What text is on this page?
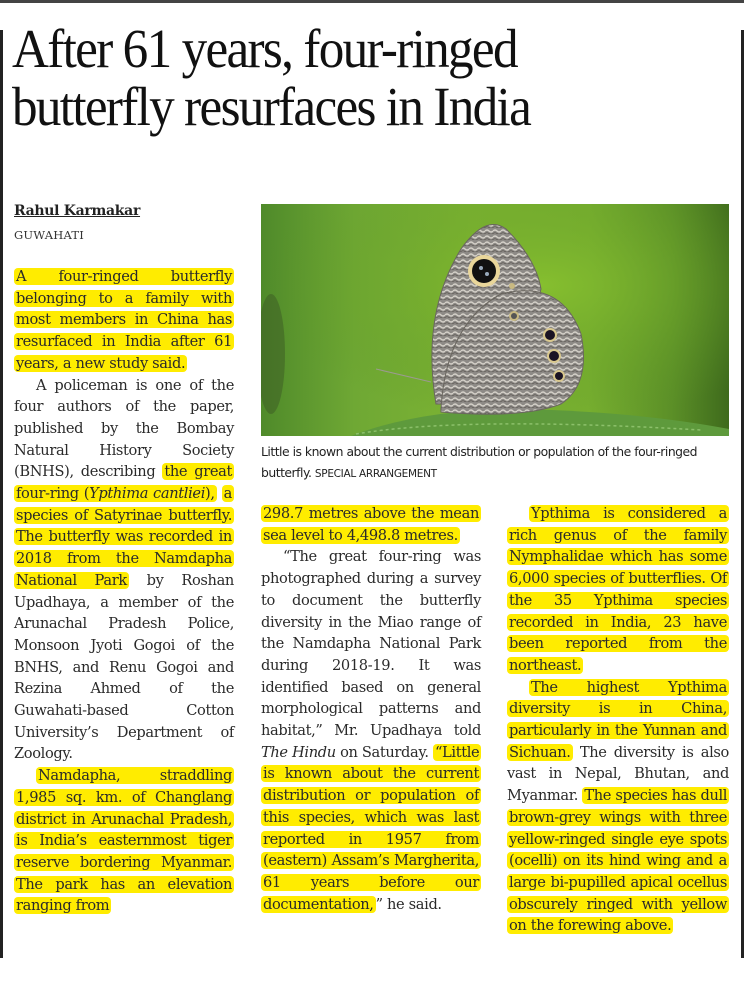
After 61 years, four-ringed
butterfly resurfaces in India
Rahul Karmakar
GUWAHATI
Little is known about the current distribution or population of the four-ringed butterfly. SPECIAL ARRANGEMENT

A four-ringed butterfly belonging to a family with most members in China has resurfaced in India after 61 years, a new study said.

A policeman is one of the four authors of the paper, published by the Bombay Natural History Society (BNHS), describing the great four-ring (Ypthima cantliei), a species of Satyrinae butterfly. The butterfly was recorded in 2018 from the Namdapha National Park by Roshan Upadhaya, a member of the Arunachal Pradesh Police, Monsoon Jyoti Gogoi of the BNHS, and Renu Gogoi and Rezina Ahmed of the Guwahati-based Cotton University’s Department of Zoology.

Namdapha, straddling 1,985 sq. km. of Changlang district in Arunachal Pradesh, is India’s easternmost tiger reserve bordering Myanmar. The park has an elevation ranging from

298.7 metres above the mean sea level to 4,498.8 metres.

“The great four-ring was photographed during a survey to document the butterfly diversity in the Miao range of the Namdapha National Park during 2018-19. It was identified based on general morphological patterns and habitat,” Mr. Upadhaya told The Hindu on Saturday. “Little is known about the current distribution or population of this species, which was last reported in 1957 from (eastern) Assam’s Margherita, 61 years before our documentation, ” he said.

Ypthima is considered a rich genus of the family Nymphalidae which has some 6,000 species of butterflies. Of the 35 Ypthima species recorded in India, 23 have been reported from the northeast.

The highest Ypthima diversity is in China, particularly in the Yunnan and Sichuan. The diversity is also vast in Nepal, Bhutan, and Myanmar. The species has dull brown-grey wings with three yellow-ringed single eye spots (ocelli) on its hind wing and a large bi-pupilled apical ocellus obscurely ringed with yellow on the forewing above.
